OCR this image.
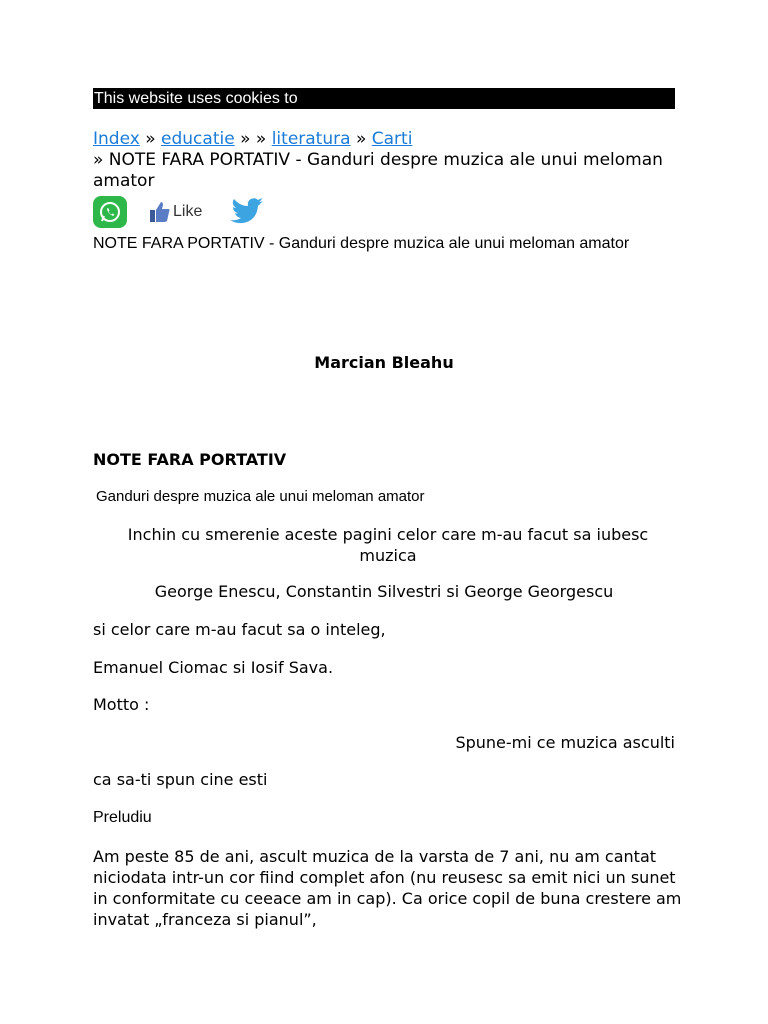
This website uses cookies to
Index » educatie » » literatura » Carti
» NOTE FARA PORTATIV - Ganduri despre muzica ale unui meloman amator
Like
NOTE FARA PORTATIV - Ganduri despre muzica ale unui meloman amator
Marcian Bleahu
NOTE FARA PORTATIV
Ganduri despre muzica ale unui meloman amator
Inchin cu smerenie aceste pagini celor care m-au facut sa iubesc muzica
George Enescu, Constantin Silvestri si George Georgescu
si celor care m-au facut sa o inteleg,
Emanuel Ciomac si Iosif Sava.
Motto :
Spune-mi ce muzica asculti
ca sa-ti spun cine esti
Preludiu
Am peste 85 de ani, ascult muzica de la varsta de 7 ani, nu am cantat niciodata intr-un cor fiind complet afon (nu reusesc sa emit nici un sunet in conformitate cu ceeace am in cap). Ca orice copil de buna crestere am invatat „franceza si pianul”,
